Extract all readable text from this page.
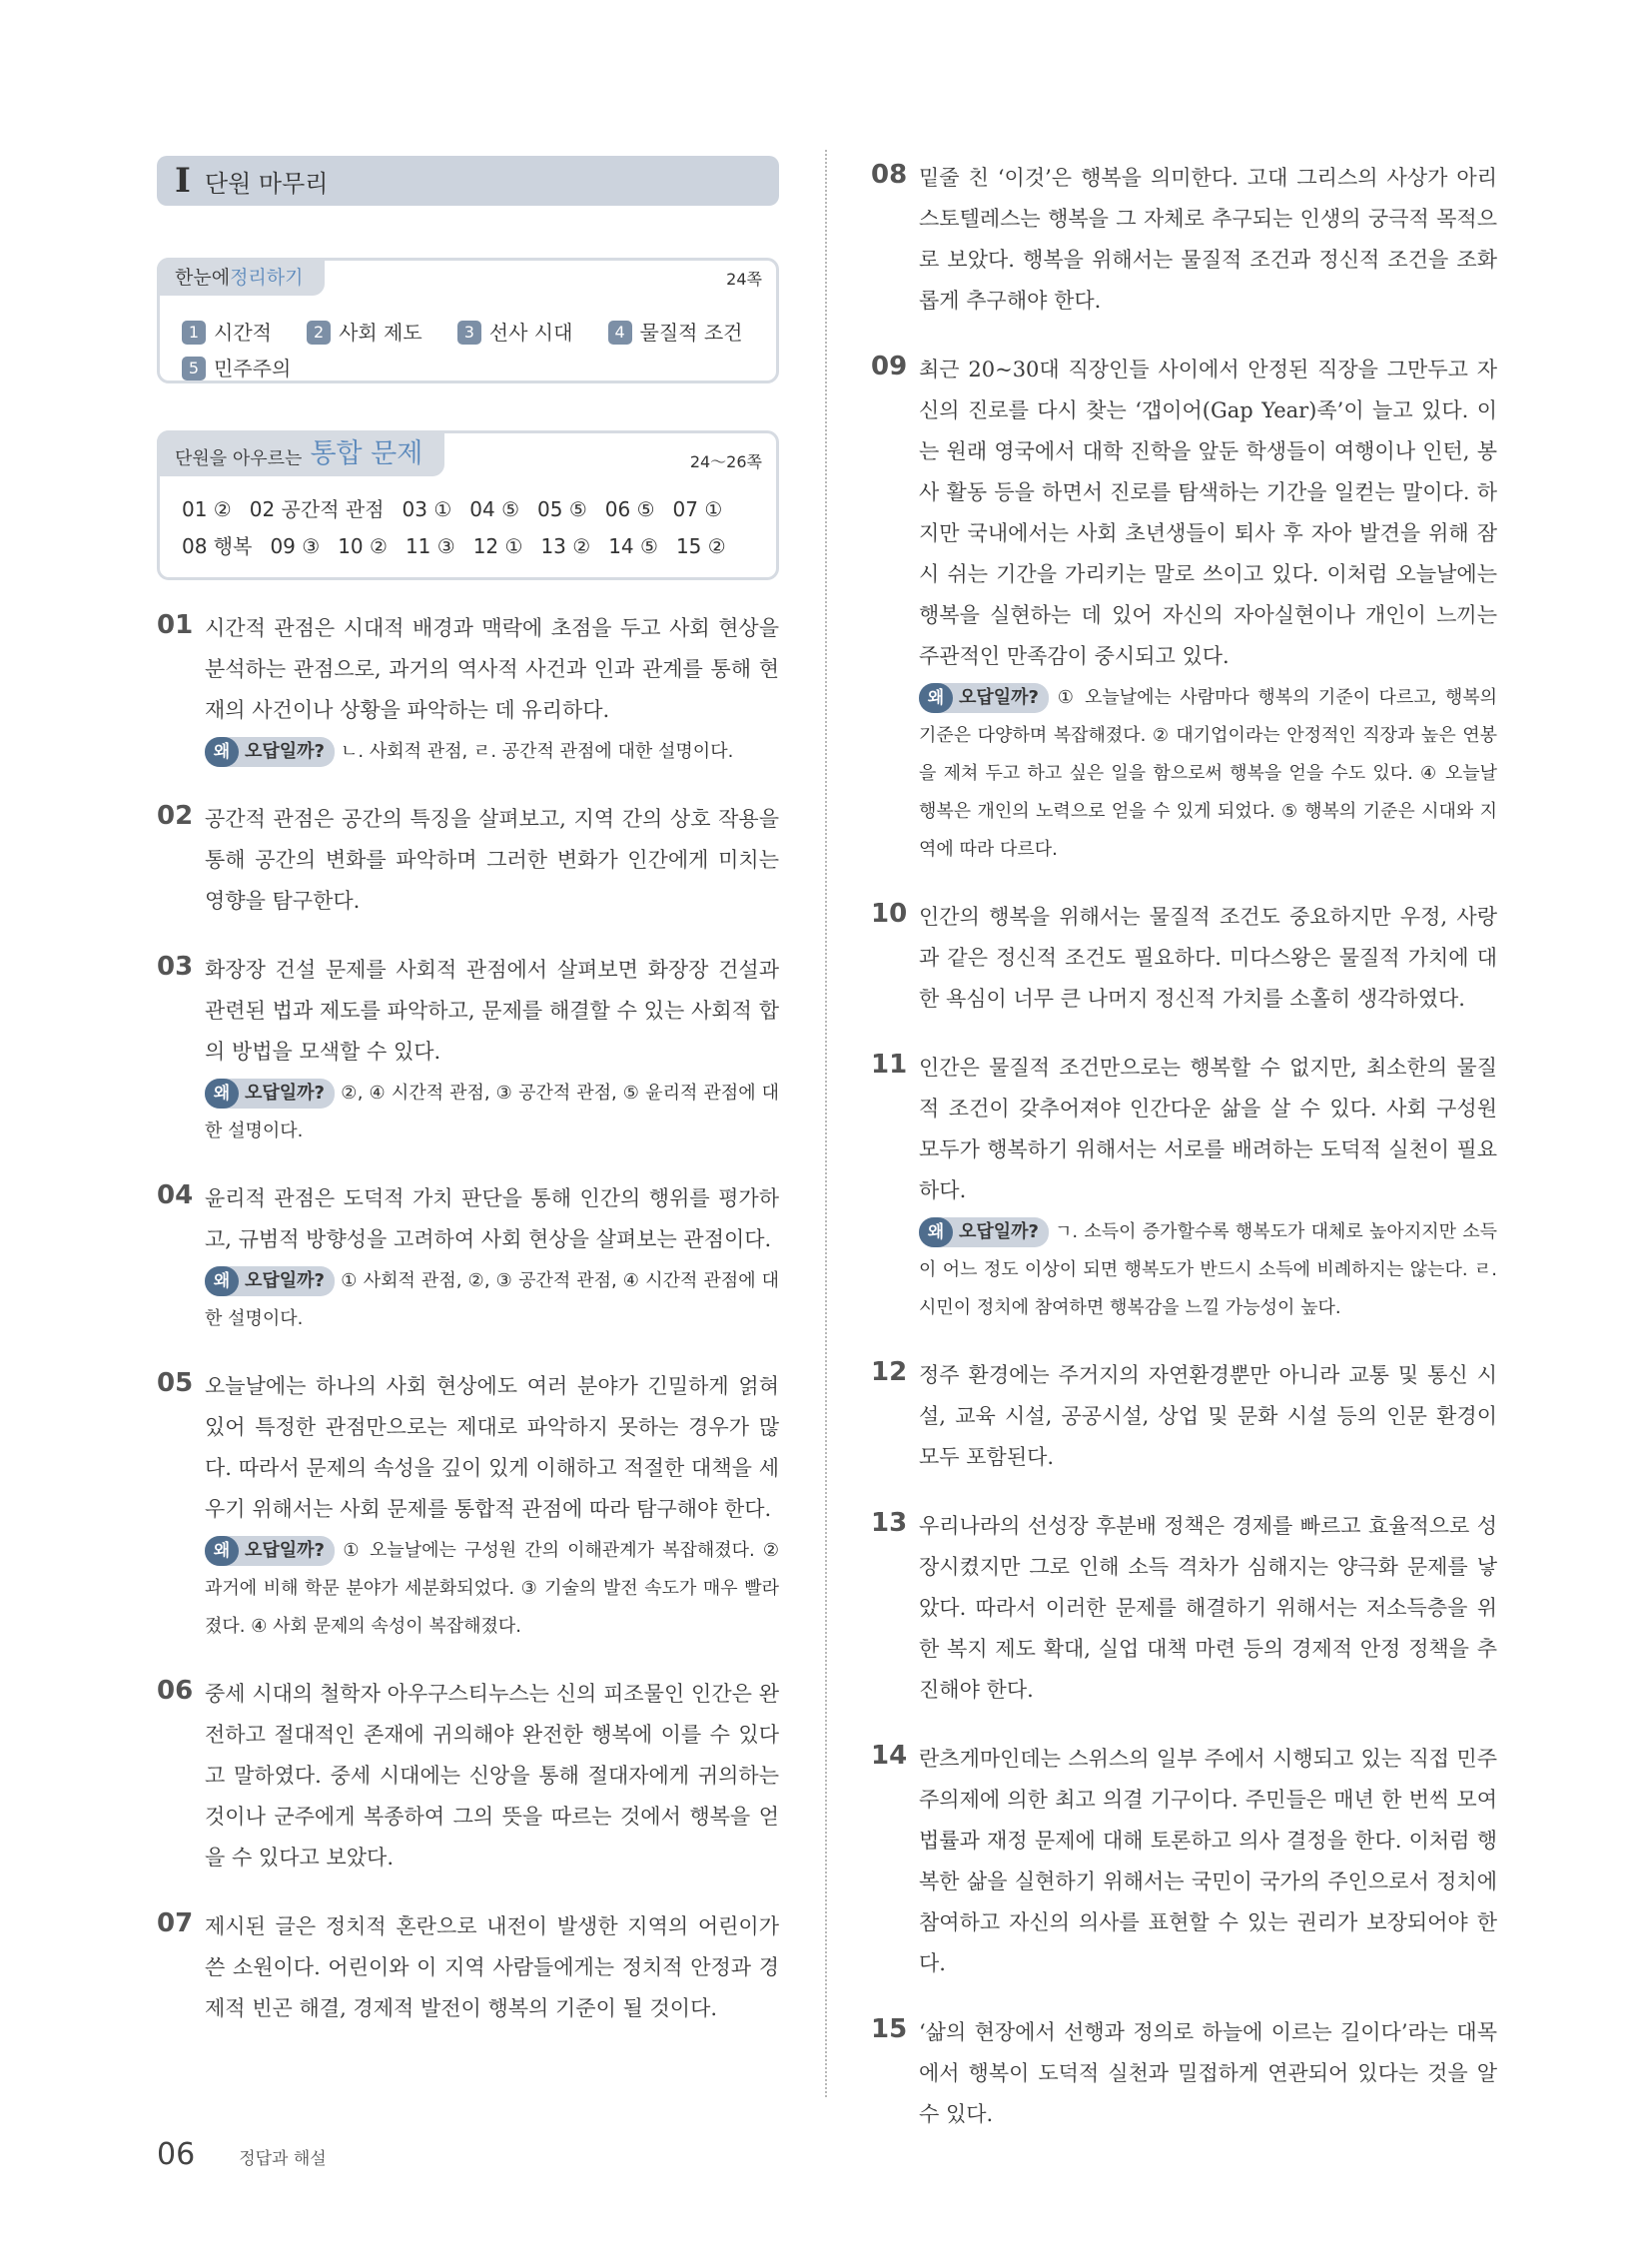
I 단원 마무리
한눈에 정리하기	24쪽
1 시간적
	2 사회 제도
	3 선사 시대
	4 물질적 조건

5 민주주의
단원을 아우르는 통합 문제	24～26쪽
01 ② 02 공간적 관점 03 ① 04 ⑤ 05 ⑤ 06 ⑤ 07 ①
08 행복 09 ③ 10 ② 11 ③ 12 ① 13 ② 14 ⑤ 15 ②
01 시간적 관점은 시대적 배경과 맥락에 초점을 두고 사회 현상을 분석하는 관점으로, 과거의 역사적 사건과 인과 관계를 통해 현재의 사건이나 상황을 파악하는 데 유리하다.
왜 오답일까? ㄴ. 사회적 관점, ㄹ. 공간적 관점에 대한 설명이다.
02 공간적 관점은 공간의 특징을 살펴보고, 지역 간의 상호 작용을 통해 공간의 변화를 파악하며 그러한 변화가 인간에게 미치는 영향을 탐구한다.
03 화장장 건설 문제를 사회적 관점에서 살펴보면 화장장 건설과 관련된 법과 제도를 파악하고, 문제를 해결할 수 있는 사회적 합의 방법을 모색할 수 있다.
왜 오답일까? ②, ④ 시간적 관점, ③ 공간적 관점, ⑤ 윤리적 관점에 대한 설명이다.
04 윤리적 관점은 도덕적 가치 판단을 통해 인간의 행위를 평가하고, 규범적 방향성을 고려하여 사회 현상을 살펴보는 관점이다.
왜 오답일까? ① 사회적 관점, ②, ③ 공간적 관점, ④ 시간적 관점에 대한 설명이다.
05 오늘날에는 하나의 사회 현상에도 여러 분야가 긴밀하게 얽혀 있어 특정한 관점만으로는 제대로 파악하지 못하는 경우가 많다. 따라서 문제의 속성을 깊이 있게 이해하고 적절한 대책을 세우기 위해서는 사회 문제를 통합적 관점에 따라 탐구해야 한다.
왜 오답일까? ① 오늘날에는 구성원 간의 이해관계가 복잡해졌다. ② 과거에 비해 학문 분야가 세분화되었다. ③ 기술의 발전 속도가 매우 빨라졌다. ④ 사회 문제의 속성이 복잡해졌다.
06 중세 시대의 철학자 아우구스티누스는 신의 피조물인 인간은 완전하고 절대적인 존재에 귀의해야 완전한 행복에 이를 수 있다고 말하였다. 중세 시대에는 신앙을 통해 절대자에게 귀의하는 것이나 군주에게 복종하여 그의 뜻을 따르는 것에서 행복을 얻을 수 있다고 보았다.
07 제시된 글은 정치적 혼란으로 내전이 발생한 지역의 어린이가 쓴 소원이다. 어린이와 이 지역 사람들에게는 정치적 안정과 경제적 빈곤 해결, 경제적 발전이 행복의 기준이 될 것이다.
08 밑줄 친 ‘이것’은 행복을 의미한다. 고대 그리스의 사상가 아리스토텔레스는 행복을 그 자체로 추구되는 인생의 궁극적 목적으로 보았다. 행복을 위해서는 물질적 조건과 정신적 조건을 조화롭게 추구해야 한다.
09 최근 20~30대 직장인들 사이에서 안정된 직장을 그만두고 자신의 진로를 다시 찾는 ‘갭이어(Gap Year)족’이 늘고 있다. 이는 원래 영국에서 대학 진학을 앞둔 학생들이 여행이나 인턴, 봉사 활동 등을 하면서 진로를 탐색하는 기간을 일컫는 말이다. 하지만 국내에서는 사회 초년생들이 퇴사 후 자아 발견을 위해 잠시 쉬는 기간을 가리키는 말로 쓰이고 있다. 이처럼 오늘날에는 행복을 실현하는 데 있어 자신의 자아실현이나 개인이 느끼는 주관적인 만족감이 중시되고 있다.
왜 오답일까? ① 오늘날에는 사람마다 행복의 기준이 다르고, 행복의 기준은 다양하며 복잡해졌다. ② 대기업이라는 안정적인 직장과 높은 연봉을 제쳐 두고 하고 싶은 일을 함으로써 행복을 얻을 수도 있다. ④ 오늘날 행복은 개인의 노력으로 얻을 수 있게 되었다. ⑤ 행복의 기준은 시대와 지역에 따라 다르다.
10 인간의 행복을 위해서는 물질적 조건도 중요하지만 우정, 사랑과 같은 정신적 조건도 필요하다. 미다스왕은 물질적 가치에 대한 욕심이 너무 큰 나머지 정신적 가치를 소홀히 생각하였다.
11 인간은 물질적 조건만으로는 행복할 수 없지만, 최소한의 물질적 조건이 갖추어져야 인간다운 삶을 살 수 있다. 사회 구성원 모두가 행복하기 위해서는 서로를 배려하는 도덕적 실천이 필요하다.
왜 오답일까? ㄱ. 소득이 증가할수록 행복도가 대체로 높아지지만 소득이 어느 정도 이상이 되면 행복도가 반드시 소득에 비례하지는 않는다. ㄹ. 시민이 정치에 참여하면 행복감을 느낄 가능성이 높다.
12 정주 환경에는 주거지의 자연환경뿐만 아니라 교통 및 통신 시설, 교육 시설, 공공시설, 상업 및 문화 시설 등의 인문 환경이 모두 포함된다.
13 우리나라의 선성장 후분배 정책은 경제를 빠르고 효율적으로 성장시켰지만 그로 인해 소득 격차가 심해지는 양극화 문제를 낳았다. 따라서 이러한 문제를 해결하기 위해서는 저소득층을 위한 복지 제도 확대, 실업 대책 마련 등의 경제적 안정 정책을 추진해야 한다.
14 란츠게마인데는 스위스의 일부 주에서 시행되고 있는 직접 민주주의제에 의한 최고 의결 기구이다. 주민들은 매년 한 번씩 모여 법률과 재정 문제에 대해 토론하고 의사 결정을 한다. 이처럼 행복한 삶을 실현하기 위해서는 국민이 국가의 주인으로서 정치에 참여하고 자신의 의사를 표현할 수 있는 권리가 보장되어야 한다.
15 ‘삶의 현장에서 선행과 정의로 하늘에 이르는 길이다’라는 대목에서 행복이 도덕적 실천과 밀접하게 연관되어 있다는 것을 알 수 있다.
06	정답과 해설
